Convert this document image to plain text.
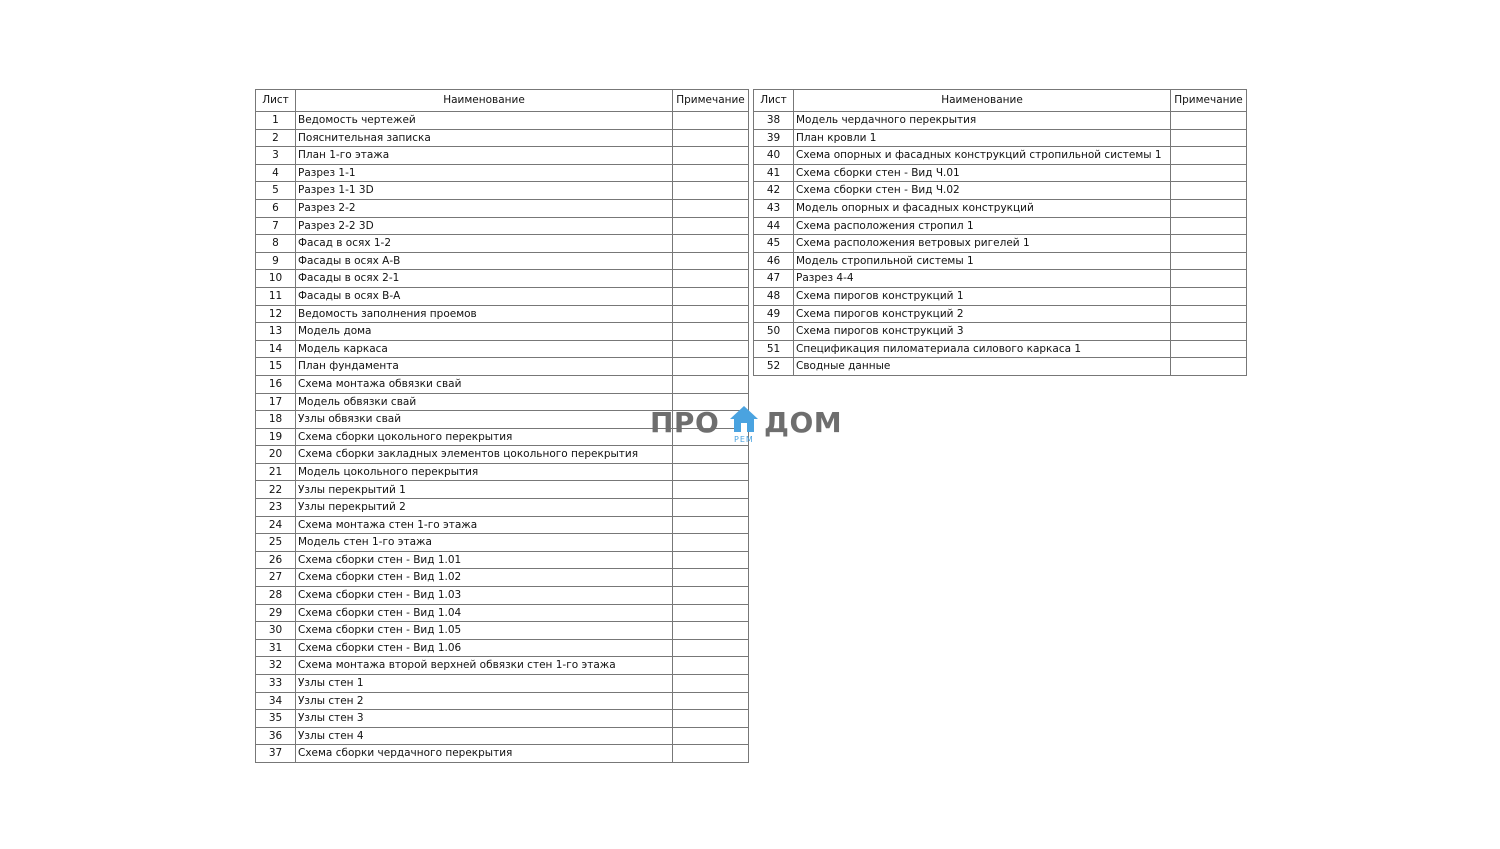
Лист	Наименование	Примечание
1	Ведомость чертежей	
2	Пояснительная записка	
3	План 1-го этажа	
4	Разрез 1-1	
5	Разрез 1-1 3D	
6	Разрез 2-2	
7	Разрез 2-2 3D	
8	Фасад в осях 1-2	
9	Фасады в осях А-В	
10	Фасады в осях 2-1	
11	Фасады в осях В-А	
12	Ведомость заполнения проемов	
13	Модель дома	
14	Модель каркаса	
15	План фундамента	
16	Схема монтажа обвязки свай	
17	Модель обвязки свай	
18	Узлы обвязки свай	
19	Схема сборки цокольного перекрытия	
20	Схема сборки закладных элементов цокольного перекрытия	
21	Модель цокольного перекрытия	
22	Узлы перекрытий 1	
23	Узлы перекрытий 2	
24	Схема монтажа стен 1-го этажа	
25	Модель стен 1-го этажа	
26	Схема сборки стен - Вид 1.01	
27	Схема сборки стен - Вид 1.02	
28	Схема сборки стен - Вид 1.03	
29	Схема сборки стен - Вид 1.04	
30	Схема сборки стен - Вид 1.05	
31	Схема сборки стен - Вид 1.06	
32	Схема монтажа второй верхней обвязки стен 1-го этажа	
33	Узлы стен 1	
34	Узлы стен 2	
35	Узлы стен 3	
36	Узлы стен 4	
37	Схема сборки чердачного перекрытия	
Лист	Наименование	Примечание
38	Модель чердачного перекрытия	
39	План кровли 1	
40	Схема опорных и фасадных конструкций стропильной системы 1	
41	Схема сборки стен - Вид Ч.01	
42	Схема сборки стен - Вид Ч.02	
43	Модель опорных и фасадных конструкций	
44	Схема расположения стропил 1	
45	Схема расположения ветровых ригелей 1	
46	Модель стропильной системы 1	
47	Разрез 4-4	
48	Схема пирогов конструкций 1	
49	Схема пирогов конструкций 2	
50	Схема пирогов конструкций 3	
51	Спецификация пиломатериала силового каркаса 1	
52	Сводные данные	
ПРО
РЕМ
ДОМ
